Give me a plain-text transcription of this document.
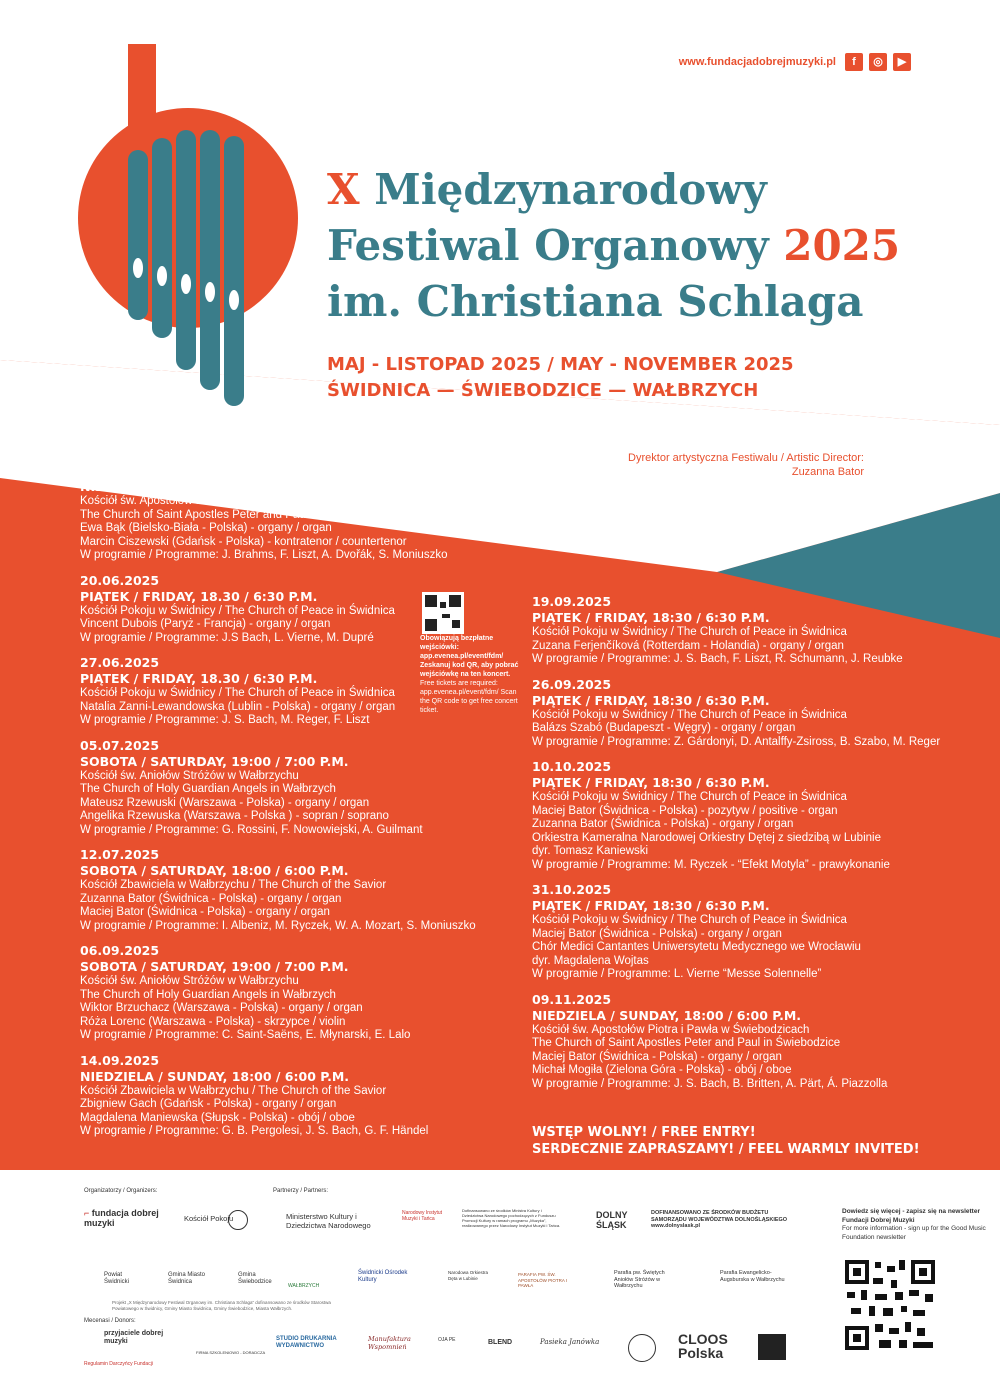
www.fundacjadobrejmuzyki.pl	f	◎	▶
X Międzynarodowy
Festiwal Organowy 2025
im. Christiana Schlaga
MAJ - LISTOPAD 2025 / MAY - NOVEMBER 2025
ŚWIDNICA — ŚWIEBODZICE — WAŁBRZYCH
Dyrektor artystyczna Festiwalu / Artistic Director:
Zuzanna Bator
18.05.2025
NIEDZIELA / SUNDAY, 18:00 / 6:00 P.M.
Kościół św. Apostołów Piotra i Pawła w Świebodzicach
The Church of Saint Apostles Peter and Paul in Świebodzice
Ewa Bąk (Bielsko-Biała - Polska) - organy / organ
Marcin Ciszewski (Gdańsk - Polska) - kontratenor / countertenor
W programie / Programme: J. Brahms, F. Liszt, A. Dvořák, S. Moniuszko
20.06.2025
PIĄTEK / FRIDAY, 18.30 / 6:30 P.M.
Kościół Pokoju w Świdnicy / The Church of Peace in Świdnica
Vincent Dubois (Paryż - Francja) - organy / organ
W programie / Programme: J.S Bach, L. Vierne, M. Dupré
27.06.2025
PIĄTEK / FRIDAY, 18.30 / 6:30 P.M.
Kościół Pokoju w Świdnicy / The Church of Peace in Świdnica
Natalia Zanni-Lewandowska (Lublin - Polska) - organy / organ
W programie / Programme: J. S. Bach, M. Reger, F. Liszt
05.07.2025
SOBOTA / SATURDAY, 19:00 / 7:00 P.M.
Kościół św. Aniołów Stróżów w Wałbrzychu
The Church of Holy Guardian Angels in Wałbrzych
Mateusz Rzewuski (Warszawa - Polska) - organy / organ
Angelika Rzewuska (Warszawa - Polska ) - sopran / soprano
W programie / Programme: G. Rossini, F. Nowowiejski, A. Guilmant
12.07.2025
SOBOTA / SATURDAY, 18:00 / 6:00 P.M.
Kościół Zbawiciela w Wałbrzychu / The Church of the Savior
Zuzanna Bator (Świdnica - Polska) - organy / organ
Maciej Bator (Świdnica - Polska) - organy / organ
W programie / Programme: I. Albeniz, M. Ryczek, W. A. Mozart, S. Moniuszko
06.09.2025
SOBOTA / SATURDAY, 19:00 / 7:00 P.M.
Kościół św. Aniołów Stróżów w Wałbrzychu
The Church of Holy Guardian Angels in Wałbrzych
Wiktor Brzuchacz (Warszawa - Polska) - organy / organ
Róża Lorenc (Warszawa - Polska) - skrzypce / violin
W programie / Programme: C. Saint-Saëns, E. Młynarski, E. Lalo
14.09.2025
NIEDZIELA / SUNDAY, 18:00 / 6:00 P.M.
Kościół Zbawiciela w Wałbrzychu / The Church of the Savior
Zbigniew Gach (Gdańsk - Polska) - organy / organ
Magdalena Maniewska (Słupsk - Polska) - obój / oboe
W programie / Programme: G. B. Pergolesi, J. S. Bach, G. F. Händel
Obowiązują bezpłatne wejściówki: app.evenea.pl/event/fdm/ Zeskanuj kod QR, aby pobrać wejściówkę na ten koncert.
Free tickets are required: app.evenea.pl/event/fdm/ Scan the QR code to get free concert ticket.
19.09.2025
PIĄTEK / FRIDAY, 18:30 / 6:30 P.M.
Kościół Pokoju w Świdnicy / The Church of Peace in Świdnica
Zuzana Ferjenčíková (Rotterdam - Holandia) - organy / organ
W programie / Programme: J. S. Bach, F. Liszt, R. Schumann, J. Reubke
26.09.2025
PIĄTEK / FRIDAY, 18:30 / 6:30 P.M.
Kościół Pokoju w Świdnicy / The Church of Peace in Świdnica
Balázs Szabó (Budapeszt - Węgry) - organy / organ
W programie / Programme: Z. Gárdonyi, D. Antalffy-Zsiross, B. Szabo, M. Reger
10.10.2025
PIĄTEK / FRIDAY, 18:30 / 6:30 P.M.
Kościół Pokoju w Świdnicy / The Church of Peace in Świdnica
Maciej Bator (Świdnica - Polska) - pozytyw / positive - organ
Zuzanna Bator (Świdnica - Polska) - organy / organ
Orkiestra Kameralna Narodowej Orkiestry Dętej z siedzibą w Lubinie
dyr. Tomasz Kaniewski
W programie / Programme: M. Ryczek - “Efekt Motyla” - prawykonanie
31.10.2025
PIĄTEK / FRIDAY, 18:30 / 6:30 P.M.
Kościół Pokoju w Świdnicy / The Church of Peace in Świdnica
Maciej Bator (Świdnica - Polska) - organy / organ
Chór Medici Cantantes Uniwersytetu Medycznego we Wrocławiu
dyr. Magdalena Wojtas
W programie / Programme: L. Vierne “Messe Solennelle”
09.11.2025
NIEDZIELA / SUNDAY, 18:00 / 6:00 P.M.
Kościół św. Apostołów Piotra i Pawła w Świebodzicach
The Church of Saint Apostles Peter and Paul in Świebodzice
Maciej Bator (Świdnica - Polska) - organy / organ
Michał Mogiła (Zielona Góra - Polska) - obój / oboe
W programie / Programme: J. S. Bach, B. Britten, A. Pärt, Á. Piazzolla
WSTĘP WOLNY! / FREE ENTRY!
SERDECZNIE ZAPRASZAMY! / FEEL WARMLY INVITED!
Organizatorzy / Organizers:	Partnerzy / Partners:
Mecenasi / Donors:
⌐ fundacja dobrej muzyki	Kościół Pokoju	Ministerstwo Kultury i Dziedzictwa Narodowego
Narodowy Instytut Muzyki i Tańca
Dofinansowano ze środków Ministra Kultury i Dziedzictwa Narodowego pochodzących z Funduszu Promocji Kultury w ramach programu „Muzyka”, realizowanego przez Narodowy Instytut Muzyki i Tańca.
DOLNY ŚLĄSK
DOFINANSOWANO ZE ŚRODKÓW BUDŻETU SAMORZĄDU WOJEWÓDZTWA DOLNOŚLĄSKIEGO
www.dolnyslask.pl
Dowiedz się więcej - zapisz się na newsletter Fundacji Dobrej Muzyki
For more information - sign up for the Good Music Foundation newsletter
Powiat Świdnicki
Gmina Miasto Świdnica
Gmina Świebodzice
WAŁBRZYCH
Świdnicki Ośrodek Kultury
Narodowa Orkiestra Dęta w Lubinie
PARAFIA PW. ŚW. APOSTOŁÓW PIOTRA I PAWŁA
Parafia pw. Świętych Aniołów Stróżów w Wałbrzychu
Parafia Ewangelicko-Augsburska w Wałbrzychu
Projekt „X Międzynarodowy Festiwal Organowy im. Christiana Schlaga” dofinansowano ze środków Starostwa Powiatowego w Świdnicy, Gminy Miasto Świdnica, Gminy Świebodzice, Miasta Wałbrzych.
przyjaciele dobrej muzyki
Regulamin Darczyńcy Fundacji
FIRMA SZKOLENIOWO - DORADCZA
STUDIO DRUKARNIA WYDAWNICTWO
Manufaktura Wspomnień
OJA PE	BLEND	Pasieka Janówka	CLOOS Polska
